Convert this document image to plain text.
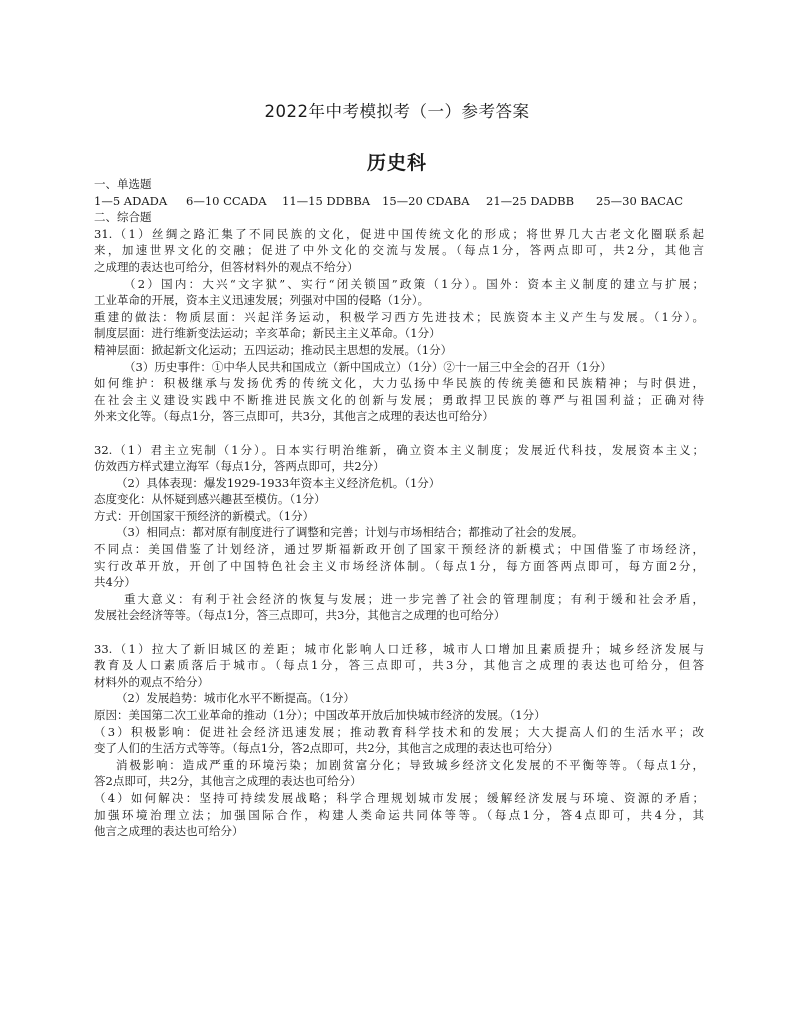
2022年中考模拟考（一）参考答案
历史科

一、单选题

1—5 ADADA	6—10 CCADA	11—15 DDBBA	15—20 CDABA	21—25 DADBB	25—30 BACAC

二、综合题

31.（1）丝绸之路汇集了不同民族的文化，促进中国传统文化的形成；将世界几大古老文化圈联系起

来，加速世界文化的交融；促进了中外文化的交流与发展。（每点1分，答两点即可，共2分，其他言

之成理的表达也可给分，但答材料外的观点不给分）

（2）国内：大兴“文字狱”、实行“闭关锁国”政策（1分）。国外：资本主义制度的建立与扩展；

工业革命的开展，资本主义迅速发展；列强对中国的侵略（1分）。

重建的做法：物质层面：兴起洋务运动，积极学习西方先进技术；民族资本主义产生与发展。（1分）。

制度层面：进行维新变法运动；辛亥革命；新民主主义革命。（1分）

精神层面：掀起新文化运动；五四运动；推动民主思想的发展。（1分）

（3）历史事件：①中华人民共和国成立（新中国成立）（1分）②十一届三中全会的召开（1分）

如何维护：积极继承与发扬优秀的传统文化，大力弘扬中华民族的传统美德和民族精神；与时俱进，

在社会主义建设实践中不断推进民族文化的创新与发展；勇敢捍卫民族的尊严与祖国利益；正确对待

外来文化等。（每点1分，答三点即可，共3分，其他言之成理的表达也可给分）

32.（1）君主立宪制（1分）。日本实行明治维新，确立资本主义制度；发展近代科技，发展资本主义；

仿效西方样式建立海军（每点1分，答两点即可，共2分）

（2）具体表现：爆发1929-1933年资本主义经济危机。（1分）

态度变化：从怀疑到感兴趣甚至模仿。（1分）

方式：开创国家干预经济的新模式。（1分）

（3）相同点：都对原有制度进行了调整和完善；计划与市场相结合；都推动了社会的发展。

不同点：美国借鉴了计划经济，通过罗斯福新政开创了国家干预经济的新模式；中国借鉴了市场经济，

实行改革开放，开创了中国特色社会主义市场经济体制。（每点1分，每方面答两点即可，每方面2分，

共4分）

重大意义：有利于社会经济的恢复与发展；进一步完善了社会的管理制度；有利于缓和社会矛盾，

发展社会经济等等。（每点1分，答三点即可，共3分，其他言之成理的也可给分）

33.（1）拉大了新旧城区的差距；城市化影响人口迁移，城市人口增加且素质提升；城乡经济发展与

教育及人口素质落后于城市。（每点1分，答三点即可，共3分，其他言之成理的表达也可给分，但答

材料外的观点不给分）

（2）发展趋势：城市化水平不断提高。（1分）

原因：美国第二次工业革命的推动（1分）；中国改革开放后加快城市经济的发展。（1分）

（3）积极影响：促进社会经济迅速发展；推动教育科学技术和的发展；大大提高人们的生活水平；改

变了人们的生活方式等等。（每点1分，答2点即可，共2分，其他言之成理的表达也可给分）

消极影响：造成严重的环境污染；加剧贫富分化；导致城乡经济文化发展的不平衡等等。（每点1分，

答2点即可，共2分，其他言之成理的表达也可给分）

（4）如何解决：坚持可持续发展战略；科学合理规划城市发展；缓解经济发展与环境、资源的矛盾；

加强环境治理立法；加强国际合作，构建人类命运共同体等等。（每点1分，答4点即可，共4分，其

他言之成理的表达也可给分）
